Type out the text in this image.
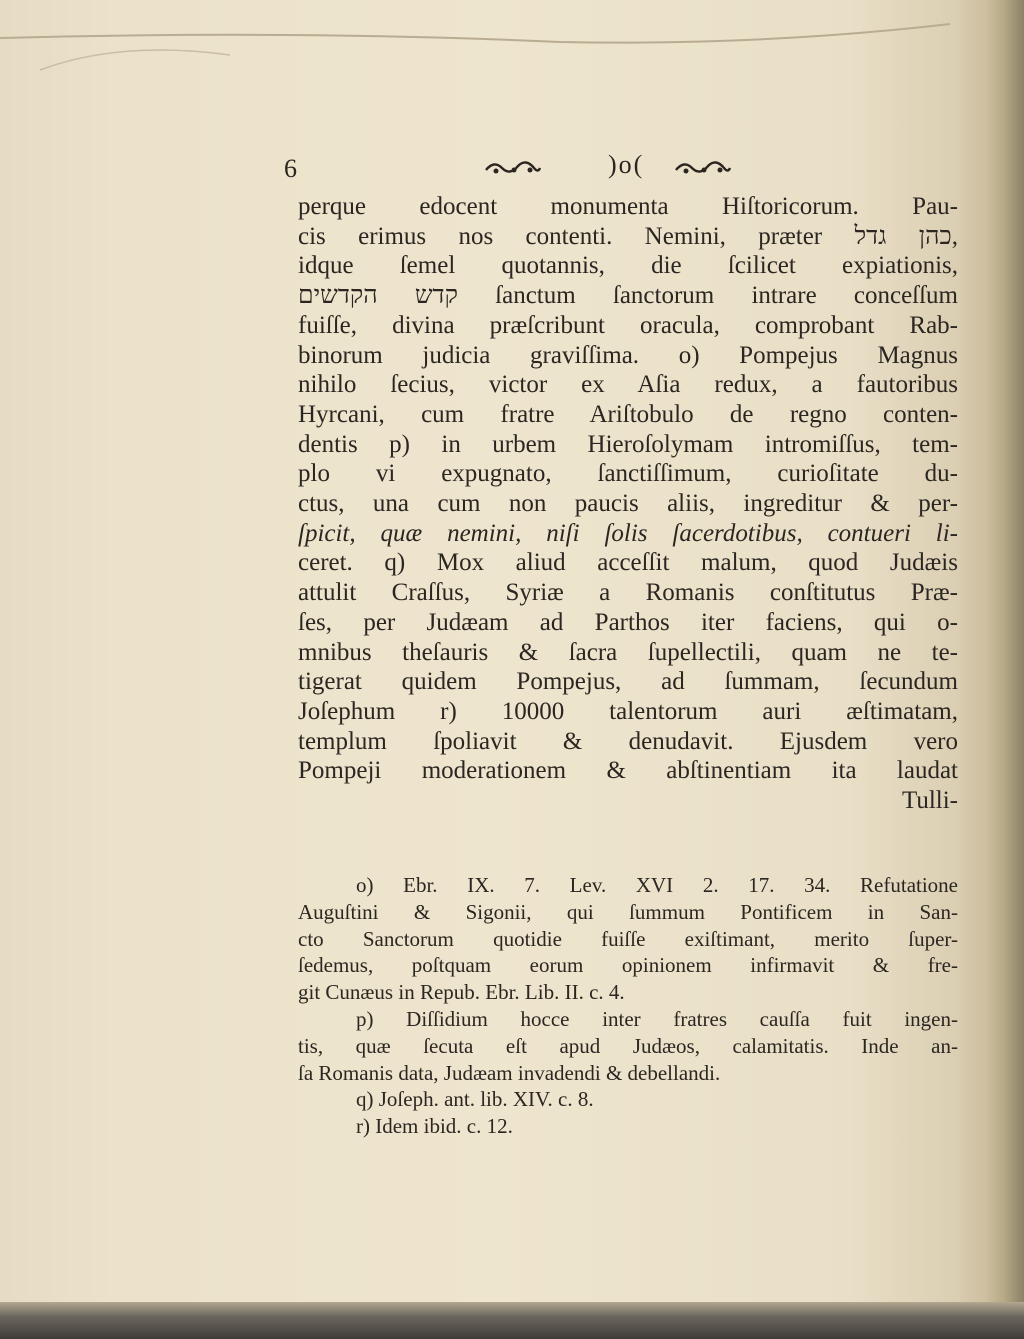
6	)o(
perque edocent monumenta Hiſtoricorum. Pau-
cis erimus nos contenti. Nemini, præter כהן גדל,
idque ſemel quotannis, die ſcilicet expiationis,
קדש הקדשים ſanctum ſanctorum intrare conceſſum
fuiſſe, divina præſcribunt oracula, comprobant Rab-
binorum judicia graviſſima. o) Pompejus Magnus
nihilo ſecius, victor ex Aſia redux, a fautoribus
Hyrcani, cum fratre Ariſtobulo de regno conten-
dentis p) in urbem Hieroſolymam intromiſſus, tem-
plo vi expugnato, ſanctiſſimum, curioſitate du-
ctus, una cum non paucis aliis, ingreditur & per-
ſpicit, quæ nemini, niſi ſolis ſacerdotibus, contueri li-
ceret. q) Mox aliud acceſſit malum, quod Judæis
attulit Craſſus, Syriæ a Romanis conſtitutus Præ-
ſes, per Judæam ad Parthos iter faciens, qui o-
mnibus theſauris & ſacra ſupellectili, quam ne te-
tigerat quidem Pompejus, ad ſummam, ſecundum
Joſephum r) 10000 talentorum auri æſtimatam,
templum ſpoliavit & denudavit. Ejusdem vero
Pompeji moderationem & abſtinentiam ita laudat
Tulli-
o) Ebr. IX. 7. Lev. XVI 2. 17. 34. Refutatione
Auguſtini & Sigonii, qui ſummum Pontificem in San-
cto Sanctorum quotidie fuiſſe exiſtimant, merito ſuper-
ſedemus, poſtquam eorum opinionem infirmavit & fre-
git Cunæus in Repub. Ebr. Lib. II. c. 4.
p) Diſſidium hocce inter fratres cauſſa fuit ingen-
tis, quæ ſecuta eſt apud Judæos, calamitatis. Inde an-
ſa Romanis data, Judæam invadendi & debellandi.
q) Joſeph. ant. lib. XIV. c. 8.
r) Idem ibid. c. 12.
